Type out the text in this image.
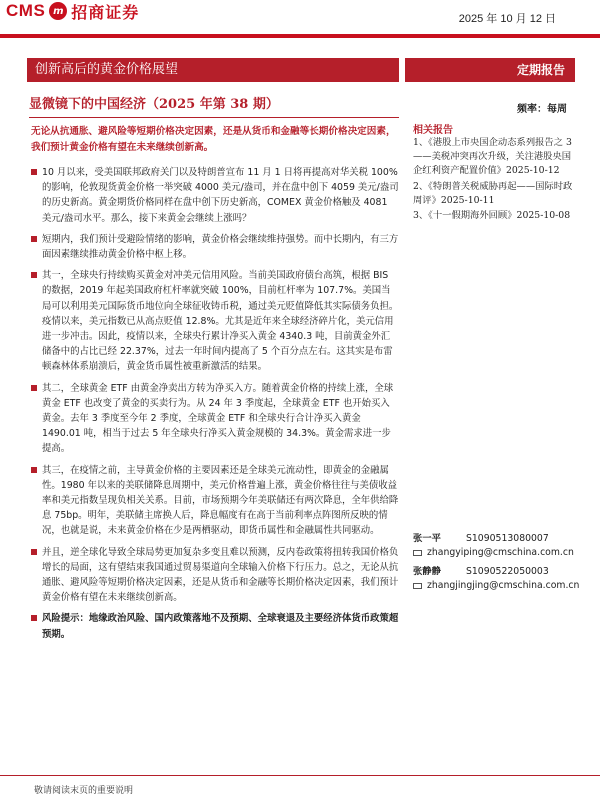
CMS m 招商证券	2025 年 10 月 12 日
创新高后的黄金价格展望	定期报告
显微镜下的中国经济（2025 年第 38 期）
无论从抗通胀、避风险等短期价格决定因素，还是从货币和金融等长期价格决定因素，我们预计黄金价格有望在未来继续创新高。
10 月以来，受美国联邦政府关门以及特朗普宣布 11 月 1 日将再提高对华关税 100%的影响，伦敦现货黄金价格一举突破 4000 美元/盎司，并在盘中创下 4059 美元/盎司的历史新高。黄金期货价格同样在盘中创下历史新高，COMEX 黄金价格触及 4081 美元/盎司水平。那么，接下来黄金会继续上涨吗？
短期内，我们预计受避险情绪的影响，黄金价格会继续维持强势。而中长期内，有三方面因素继续推动黄金价格中枢上移。
其一，全球央行持续购买黄金对冲美元信用风险。当前美国政府债台高筑，根据 BIS 的数据，2019 年起美国政府杠杆率就突破 100%，目前杠杆率为 107.7%。美国当局可以利用美元国际货币地位向全球征收铸币税，通过美元贬值降低其实际债务负担。疫情以来，美元指数已从高点贬值 12.8%。尤其是近年来全球经济碎片化，美元信用进一步冲击。因此，疫情以来，全球央行累计净买入黄金 4340.3 吨，目前黄金外汇储备中的占比已经 22.37%，过去一年时间内提高了 5 个百分点左右。这其实是布雷顿森林体系崩溃后，黄金货币属性被重新激活的结果。
其二，全球黄金 ETF 由黄金净卖出方转为净买入方。随着黄金价格的持续上涨，全球黄金 ETF 也改变了黄金的买卖行为。从 24 年 3 季度起，全球黄金 ETF 也开始买入黄金。去年 3 季度至今年 2 季度，全球黄金 ETF 和全球央行合计净买入黄金 1490.01 吨，相当于过去 5 年全球央行净买入黄金规模的 34.3%。黄金需求进一步提高。
其三，在疫情之前，主导黄金价格的主要因素还是全球美元流动性，即黄金的金融属性。1980 年以来的美联储降息周期中，美元价格普遍上涨，黄金价格往往与美债收益率和美元指数呈现负相关关系。目前，市场预期今年美联储还有两次降息，全年供给降息 75bp。明年，美联储主席换人后，降息幅度有在高于当前利率点阵图所反映的情况，也就是说，未来黄金价格在少是两栖驱动，即货币属性和金融属性共同驱动。
并且，逆全球化导致全球局势更加复杂多变且难以预测，反内卷政策将扭转我国价格负增长的局面，这有望结束我国通过贸易渠道向全球输入价格下行压力。总之，无论从抗通胀、避风险等短期价格决定因素，还是从货币和金融等长期价格决定因素，我们预计黄金价格有望在未来继续创新高。
风险提示：地缘政治风险、国内政策落地不及预期、全球衰退及主要经济体货币政策超预期。
频率：每周
相关报告
1、《港股上市央国企动态系列报告之 3——美税冲突再次升级，关注港股央国企红利资产配置价值》2025-10-12
2、《特朗普关税威胁再起——国际时政周评》2025-10-11
3、《十一假期海外回顾》2025-10-08
张一平	S1090513080007
zhangyiping@cmschina.com.cn
张静静	S1090522050003
zhangjingjing@cmschina.com.cn
敬请阅读末页的重要说明
